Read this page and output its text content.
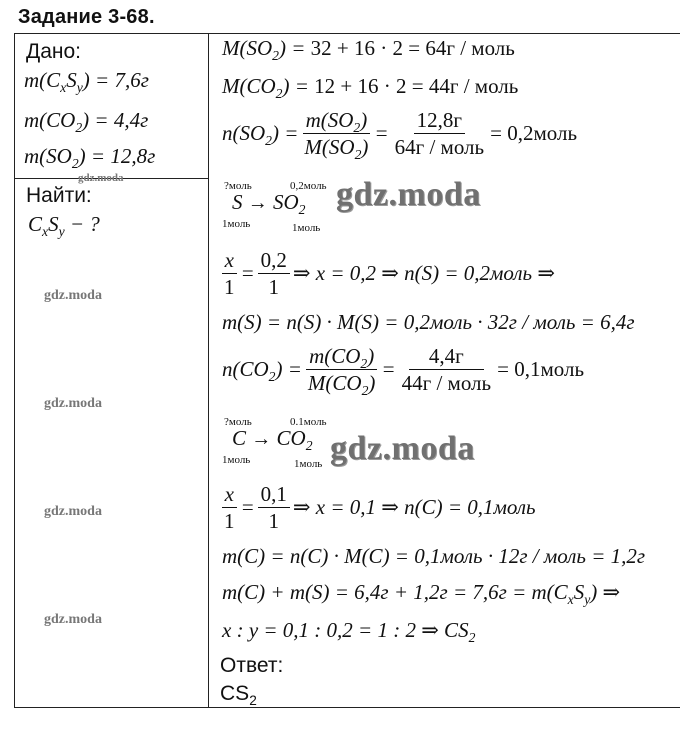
Задание 3-68.
Дано:
$m(C_xS_y) = 7,6г$
$m(CO_2) = 4,4г$
$m(SO_2) = 12,8г$
gdz.moda
Найти:
$C_xS_y$ − ?
gdz.moda
gdz.moda
gdz.moda
gdz.moda
$M(SO_2) = 32 + 16 \cdot 2 = 64г$ / моль
$M(CO_2) = 12 + 16 \cdot 2 = 44г$ / моль
$n(SO_2) = \frac{m(SO_2)}{M(SO_2)} = \frac{12,8г}{\text{64г / моль}}$ = 0,2моль
?моль	0,2моль
$S \to SO_2$
1моль	1моль
gdz.moda
$\frac{x}{1} = \frac{0,2}{1}$ ⇒ x = 0,2 ⇒ n(S) = 0,2моль ⇒
m(S) = n(S) · M(S) = 0,2моль · 32г / моль = 6,4г
$n(CO_2) = \frac{m(CO_2)}{M(CO_2)} = \frac{4,4г}{\text{44г / моль}}$ = 0,1моль
?моль	0.1моль
$C \to CO_2$
1моль	1моль gdz.moda
$\frac{x}{1} = \frac{0,1}{1}$ ⇒ x = 0,1 ⇒ n(C) = 0,1моль
m(C) = n(C) · M(C) = 0,1моль · 12г / моль = 1,2г
$m(C) + m(S) = 6,4г + 1,2г = 7,6г = m(C_xS_y)$ ⇒
x : y = 0,1 : 0,2 = 1 : 2 ⇒ $CS_2$
Ответ:
$CS_2$
